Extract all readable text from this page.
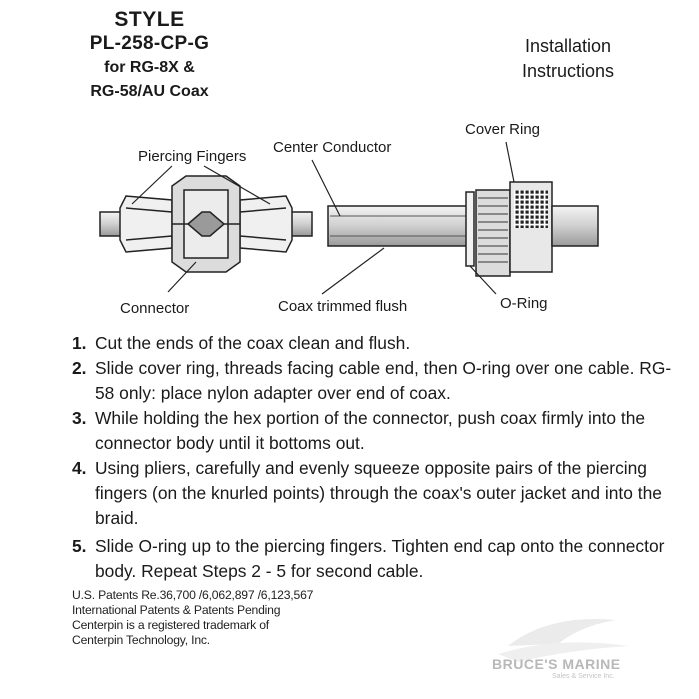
STYLE
PL-258-CP-G
for RG-8X &
RG-58/AU Coax
Installation
Instructions
Piercing Fingers
Center Conductor
Cover Ring
Connector	Coax trimmed flush	O-Ring
1. Cut the ends of the coax clean and flush.
2. Slide cover ring, threads facing cable end, then O-ring over one cable. RG-58 only: place nylon adapter over end of coax.
3. While holding the hex portion of the connector, push coax firmly into the connector body until it bottoms out.
4. Using pliers, carefully and evenly squeeze opposite pairs of the piercing fingers (on the knurled points) through the coax's outer jacket and into the braid.
5. Slide O-ring up to the piercing fingers. Tighten end cap onto the connector body. Repeat Steps 2 - 5 for second cable.
U.S. Patents Re.36,700 /6,062,897 /6,123,567
International Patents & Patents Pending
Centerpin is a registered trademark of
Centerpin Technology, Inc.
BRUCE'S MARINE
Sales & Service Inc.
